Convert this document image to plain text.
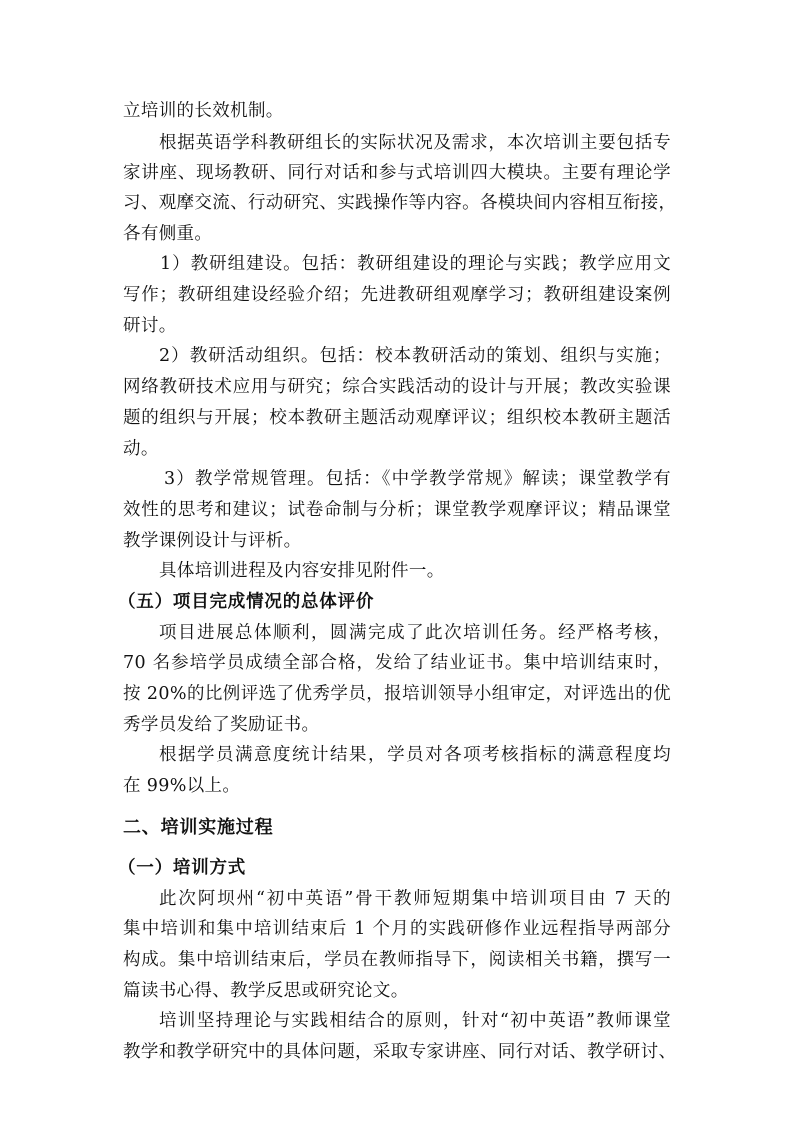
立培训的长效机制。

根据英语学科教研组长的实际状况及需求，本次培训主要包括专

家讲座、现场教研、同行对话和参与式培训四大模块。主要有理论学

习、观摩交流、行动研究、实践操作等内容。各模块间内容相互衔接，

各有侧重。

1）教研组建设。包括：教研组建设的理论与实践；教学应用文

写作；教研组建设经验介绍；先进教研组观摩学习；教研组建设案例

研讨。

2）教研活动组织。包括：校本教研活动的策划、组织与实施；

网络教研技术应用与研究；综合实践活动的设计与开展；教改实验课

题的组织与开展；校本教研主题活动观摩评议；组织校本教研主题活

动。

3）教学常规管理。包括：《中学教学常规》解读；课堂教学有

效性的思考和建议；试卷命制与分析；课堂教学观摩评议；精品课堂

教学课例设计与评析。

具体培训进程及内容安排见附件一。

（五）项目完成情况的总体评价

项目进展总体顺利，圆满完成了此次培训任务。经严格考核，

70 名参培学员成绩全部合格，发给了结业证书。集中培训结束时，

按 20%的比例评选了优秀学员，报培训领导小组审定，对评选出的优

秀学员发给了奖励证书。

根据学员满意度统计结果，学员对各项考核指标的满意程度均

在 99%以上。

二、培训实施过程

（一）培训方式

此次阿坝州“初中英语”骨干教师短期集中培训项目由 7 天的

集中培训和集中培训结束后 1 个月的实践研修作业远程指导两部分

构成。集中培训结束后，学员在教师指导下，阅读相关书籍，撰写一

篇读书心得、教学反思或研究论文。

培训坚持理论与实践相结合的原则，针对“初中英语”教师课堂

教学和教学研究中的具体问题，采取专家讲座、同行对话、教学研讨、
